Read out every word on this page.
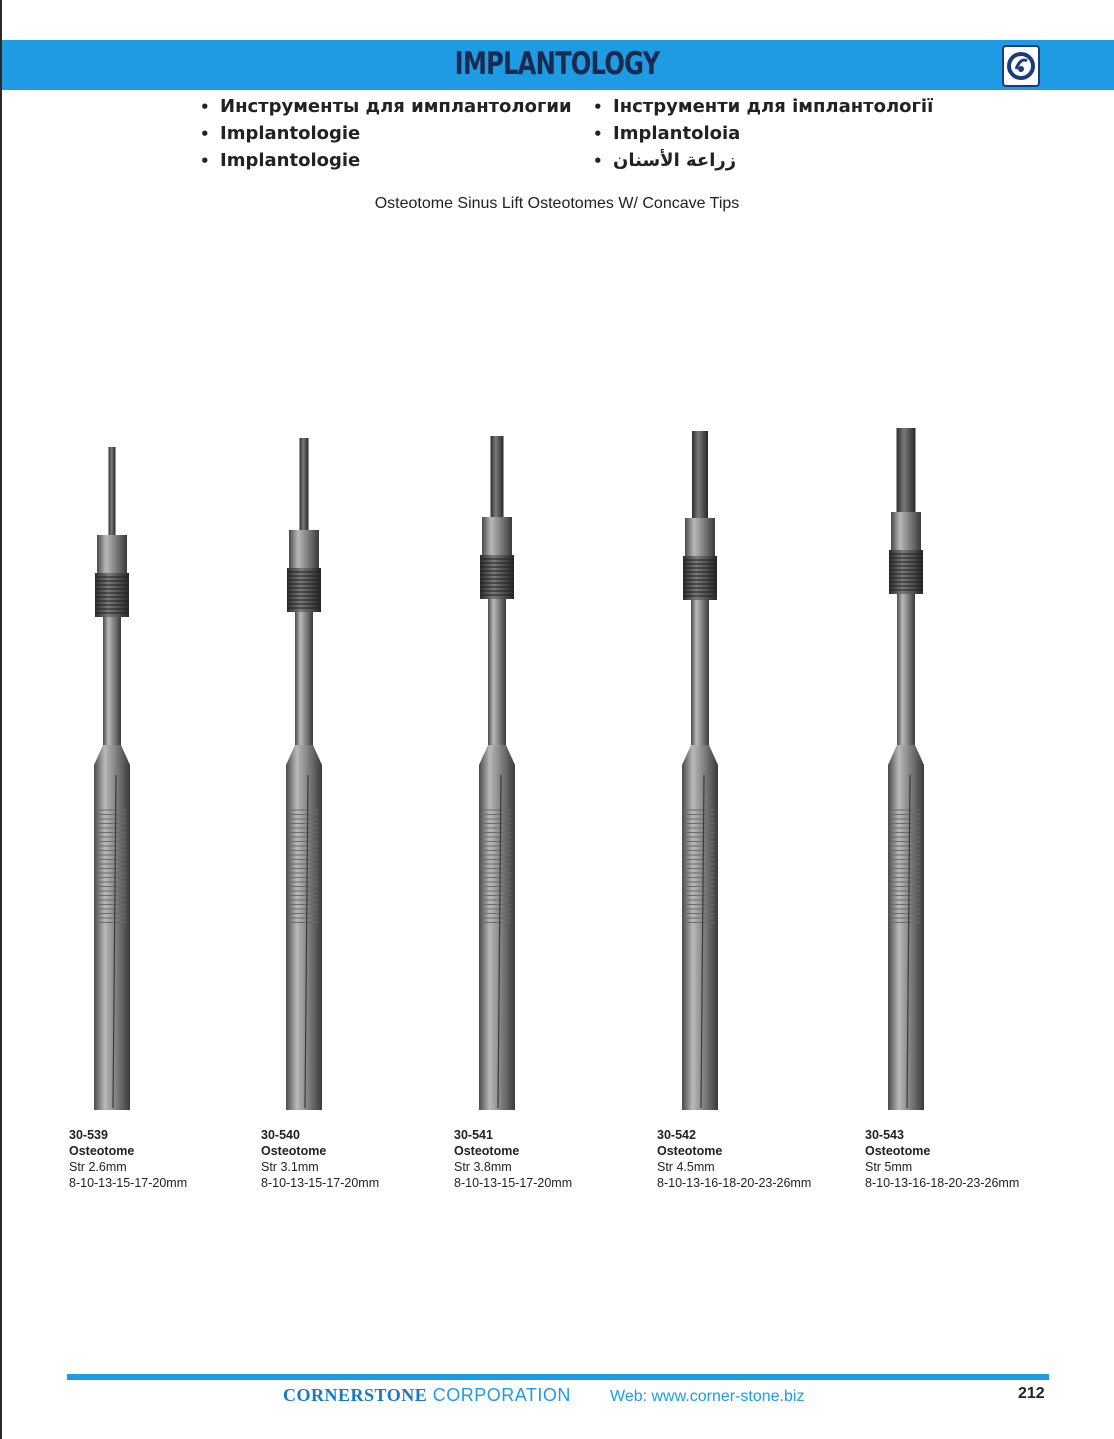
IMPLANTOLOGY
• Инструменты для имплантологии
• Implantologie
• Implantologie
• Інструменти для імплантології
• Implantoloia
• زراعة الأسنان
Osteotome Sinus Lift Osteotomes W/ Concave Tips
30-539
Osteotome
Str 2.6mm
8-10-13-15-17-20mm
30-540
Osteotome
Str 3.1mm
8-10-13-15-17-20mm
30-541
Osteotome
Str 3.8mm
8-10-13-15-17-20mm
30-542
Osteotome
Str 4.5mm
8-10-13-16-18-20-23-26mm
30-543
Osteotome
Str 5mm
8-10-13-16-18-20-23-26mm
CORNERSTONE CORPORATION Web: www.corner-stone.biz	212
